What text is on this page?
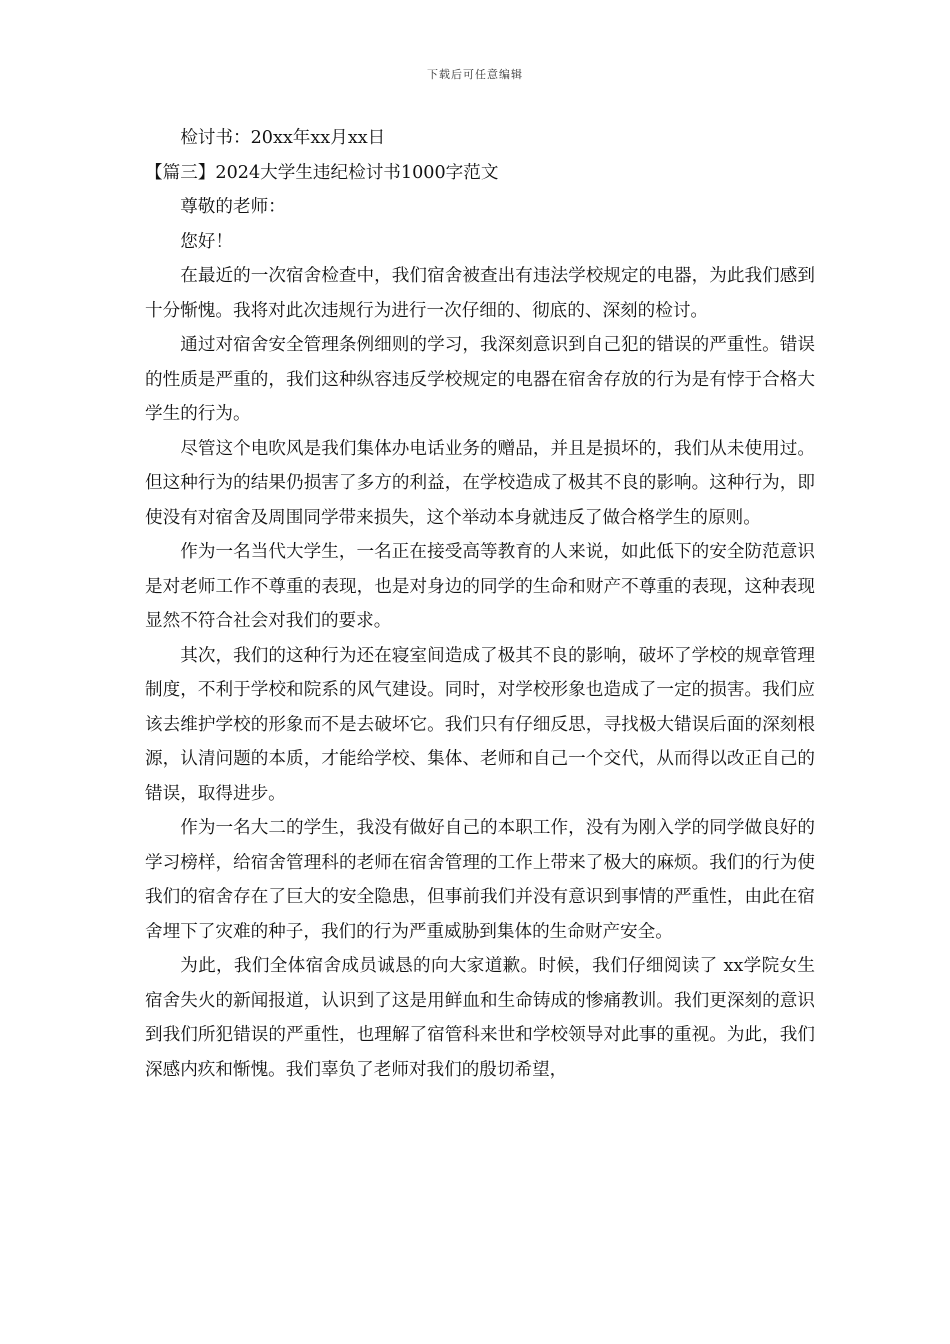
下载后可任意编辑

检讨书：20xx年xx月xx日

【篇三】2024大学生违纪检讨书1000字范文

尊敬的老师：

您好！

在最近的一次宿舍检查中，我们宿舍被查出有违法学校规定的电器，为此我们感到十分惭愧。我将对此次违规行为进行一次仔细的、彻底的、深刻的检讨。

通过对宿舍安全管理条例细则的学习，我深刻意识到自己犯的错误的严重性。错误的性质是严重的，我们这种纵容违反学校规定的电器在宿舍存放的行为是有悖于合格大学生的行为。

尽管这个电吹风是我们集体办电话业务的赠品，并且是损坏的，我们从未使用过。但这种行为的结果仍损害了多方的利益，在学校造成了极其不良的影响。这种行为，即使没有对宿舍及周围同学带来损失，这个举动本身就违反了做合格学生的原则。

作为一名当代大学生，一名正在接受高等教育的人来说，如此低下的安全防范意识是对老师工作不尊重的表现，也是对身边的同学的生命和财产不尊重的表现，这种表现显然不符合社会对我们的要求。

其次，我们的这种行为还在寝室间造成了极其不良的影响，破坏了学校的规章管理制度，不利于学校和院系的风气建设。同时，对学校形象也造成了一定的损害。我们应该去维护学校的形象而不是去破坏它。我们只有仔细反思，寻找极大错误后面的深刻根源，认清问题的本质，才能给学校、集体、老师和自己一个交代，从而得以改正自己的错误，取得进步。

作为一名大二的学生，我没有做好自己的本职工作，没有为刚入学的同学做良好的学习榜样，给宿舍管理科的老师在宿舍管理的工作上带来了极大的麻烦。我们的行为使我们的宿舍存在了巨大的安全隐患，但事前我们并没有意识到事情的严重性，由此在宿舍埋下了灾难的种子，我们的行为严重威胁到集体的生命财产安全。

为此，我们全体宿舍成员诚恳的向大家道歉。时候，我们仔细阅读了 xx学院女生宿舍失火的新闻报道，认识到了这是用鲜血和生命铸成的惨痛教训。我们更深刻的意识到我们所犯错误的严重性，也理解了宿管科来世和学校领导对此事的重视。为此，我们深感内疚和惭愧。我们辜负了老师对我们的殷切希望，
